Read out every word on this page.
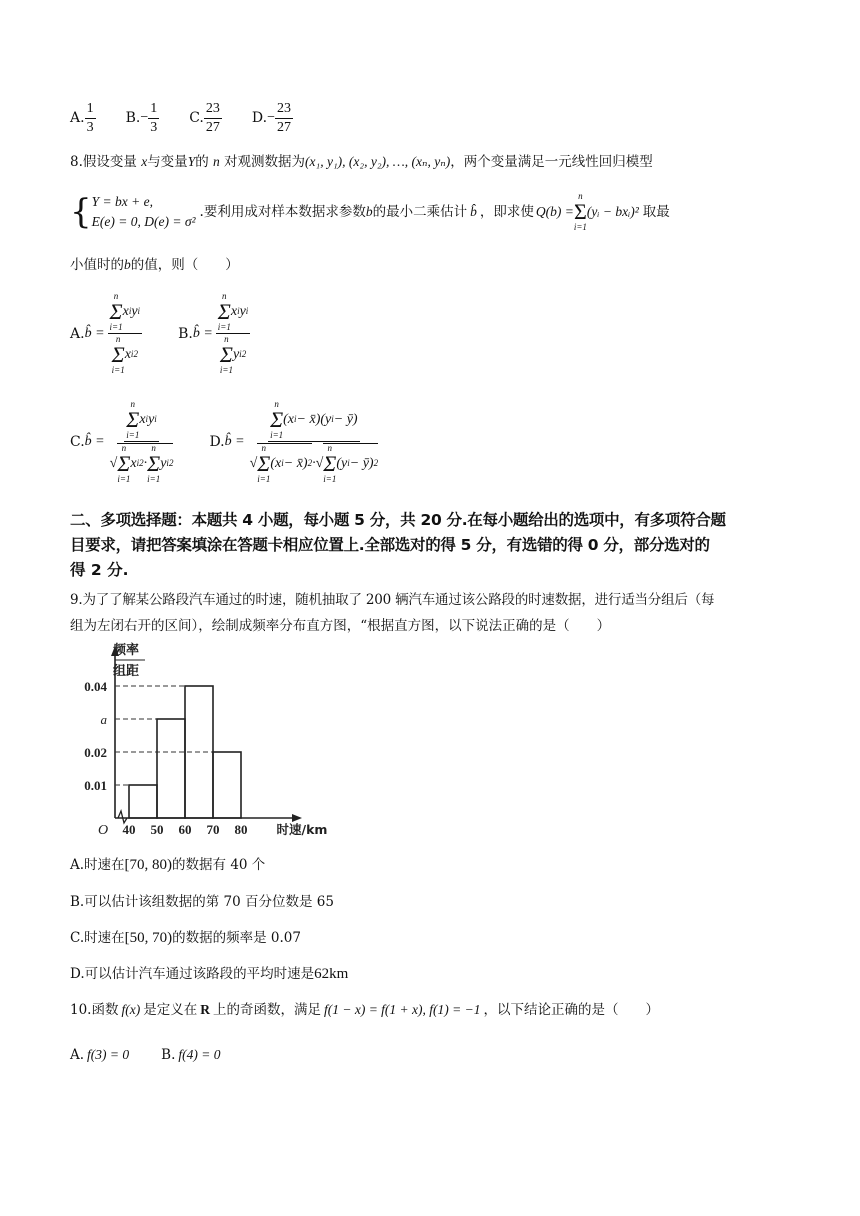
A. $\frac{1}{3} B$. − $\frac{1}{3} C$. $\frac{23}{27} D$. − $\frac{23}{27}$
8.假设变量 x与变量Y的 n 对观测数据为(x₁, y₁), (x₂, y₂), …, (xₙ, yₙ)，两个变量满足一元线性回归模型
{ Y = bx + e,
E(e) = 0, D(e) = σ²
.要利用成对样本数据求参数 b 的最小二乘估计 b̂ ，即求使 Q(b) =
n
Σ
i=1
(yᵢ − bxᵢ)² 取最
小值时的b的值，则（　　）
A. b̂ = n
Σ
i=1
x i y i
n
Σ
i=1
x i 2	B. b̂ = n
Σ
i=1
x i y i
n
Σ
i=1
y i 2
C. b̂ = n
Σ
i=1
x i y i
√
n
Σ
i=1
x i 2 ·
n
Σ
i=1
y i 2 D. b̂ = n
Σ
i=1
(x i − x̄)(y i − ȳ)
√
n
Σ
i=1
(x i − x̄) 2 ·√
n
Σ
i=1
(y i − ȳ) 2
二、多项选择题：本题共 4 小题，每小题 5 分，共 20 分.在每小题给出的选项中，有多项符合题
目要求，请把答案填涂在答题卡相应位置上.全部选对的得 5 分，有选错的得 0 分，部分选对的
得 2 分.
9.为了了解某公路段汽车通过的时速，随机抽取了 200 辆汽车通过该公路段的时速数据，进行适当分组后（每
组为左闭右开的区间），绘制成频率分布直方图，“根据直方图，以下说法正确的是（　　）
频率
组距
0.01
0.02
a
0.04
40 50 60 70 80
O	时速/km
A.时速在[70, 80)的数据有 40 个
B.可以估计该组数据的第 70 百分位数是 65
C.时速在[50, 70)的数据的频率是 0.07
D.可以估计汽车通过该路段的平均时速是62km
10.函数 f(x) 是定义在 R 上的奇函数，满足 f(1 − x) = f(1 + x), f(1) = −1 ，以下结论正确的是（　　）
A. f(3) = 0 B. f(4) = 0
